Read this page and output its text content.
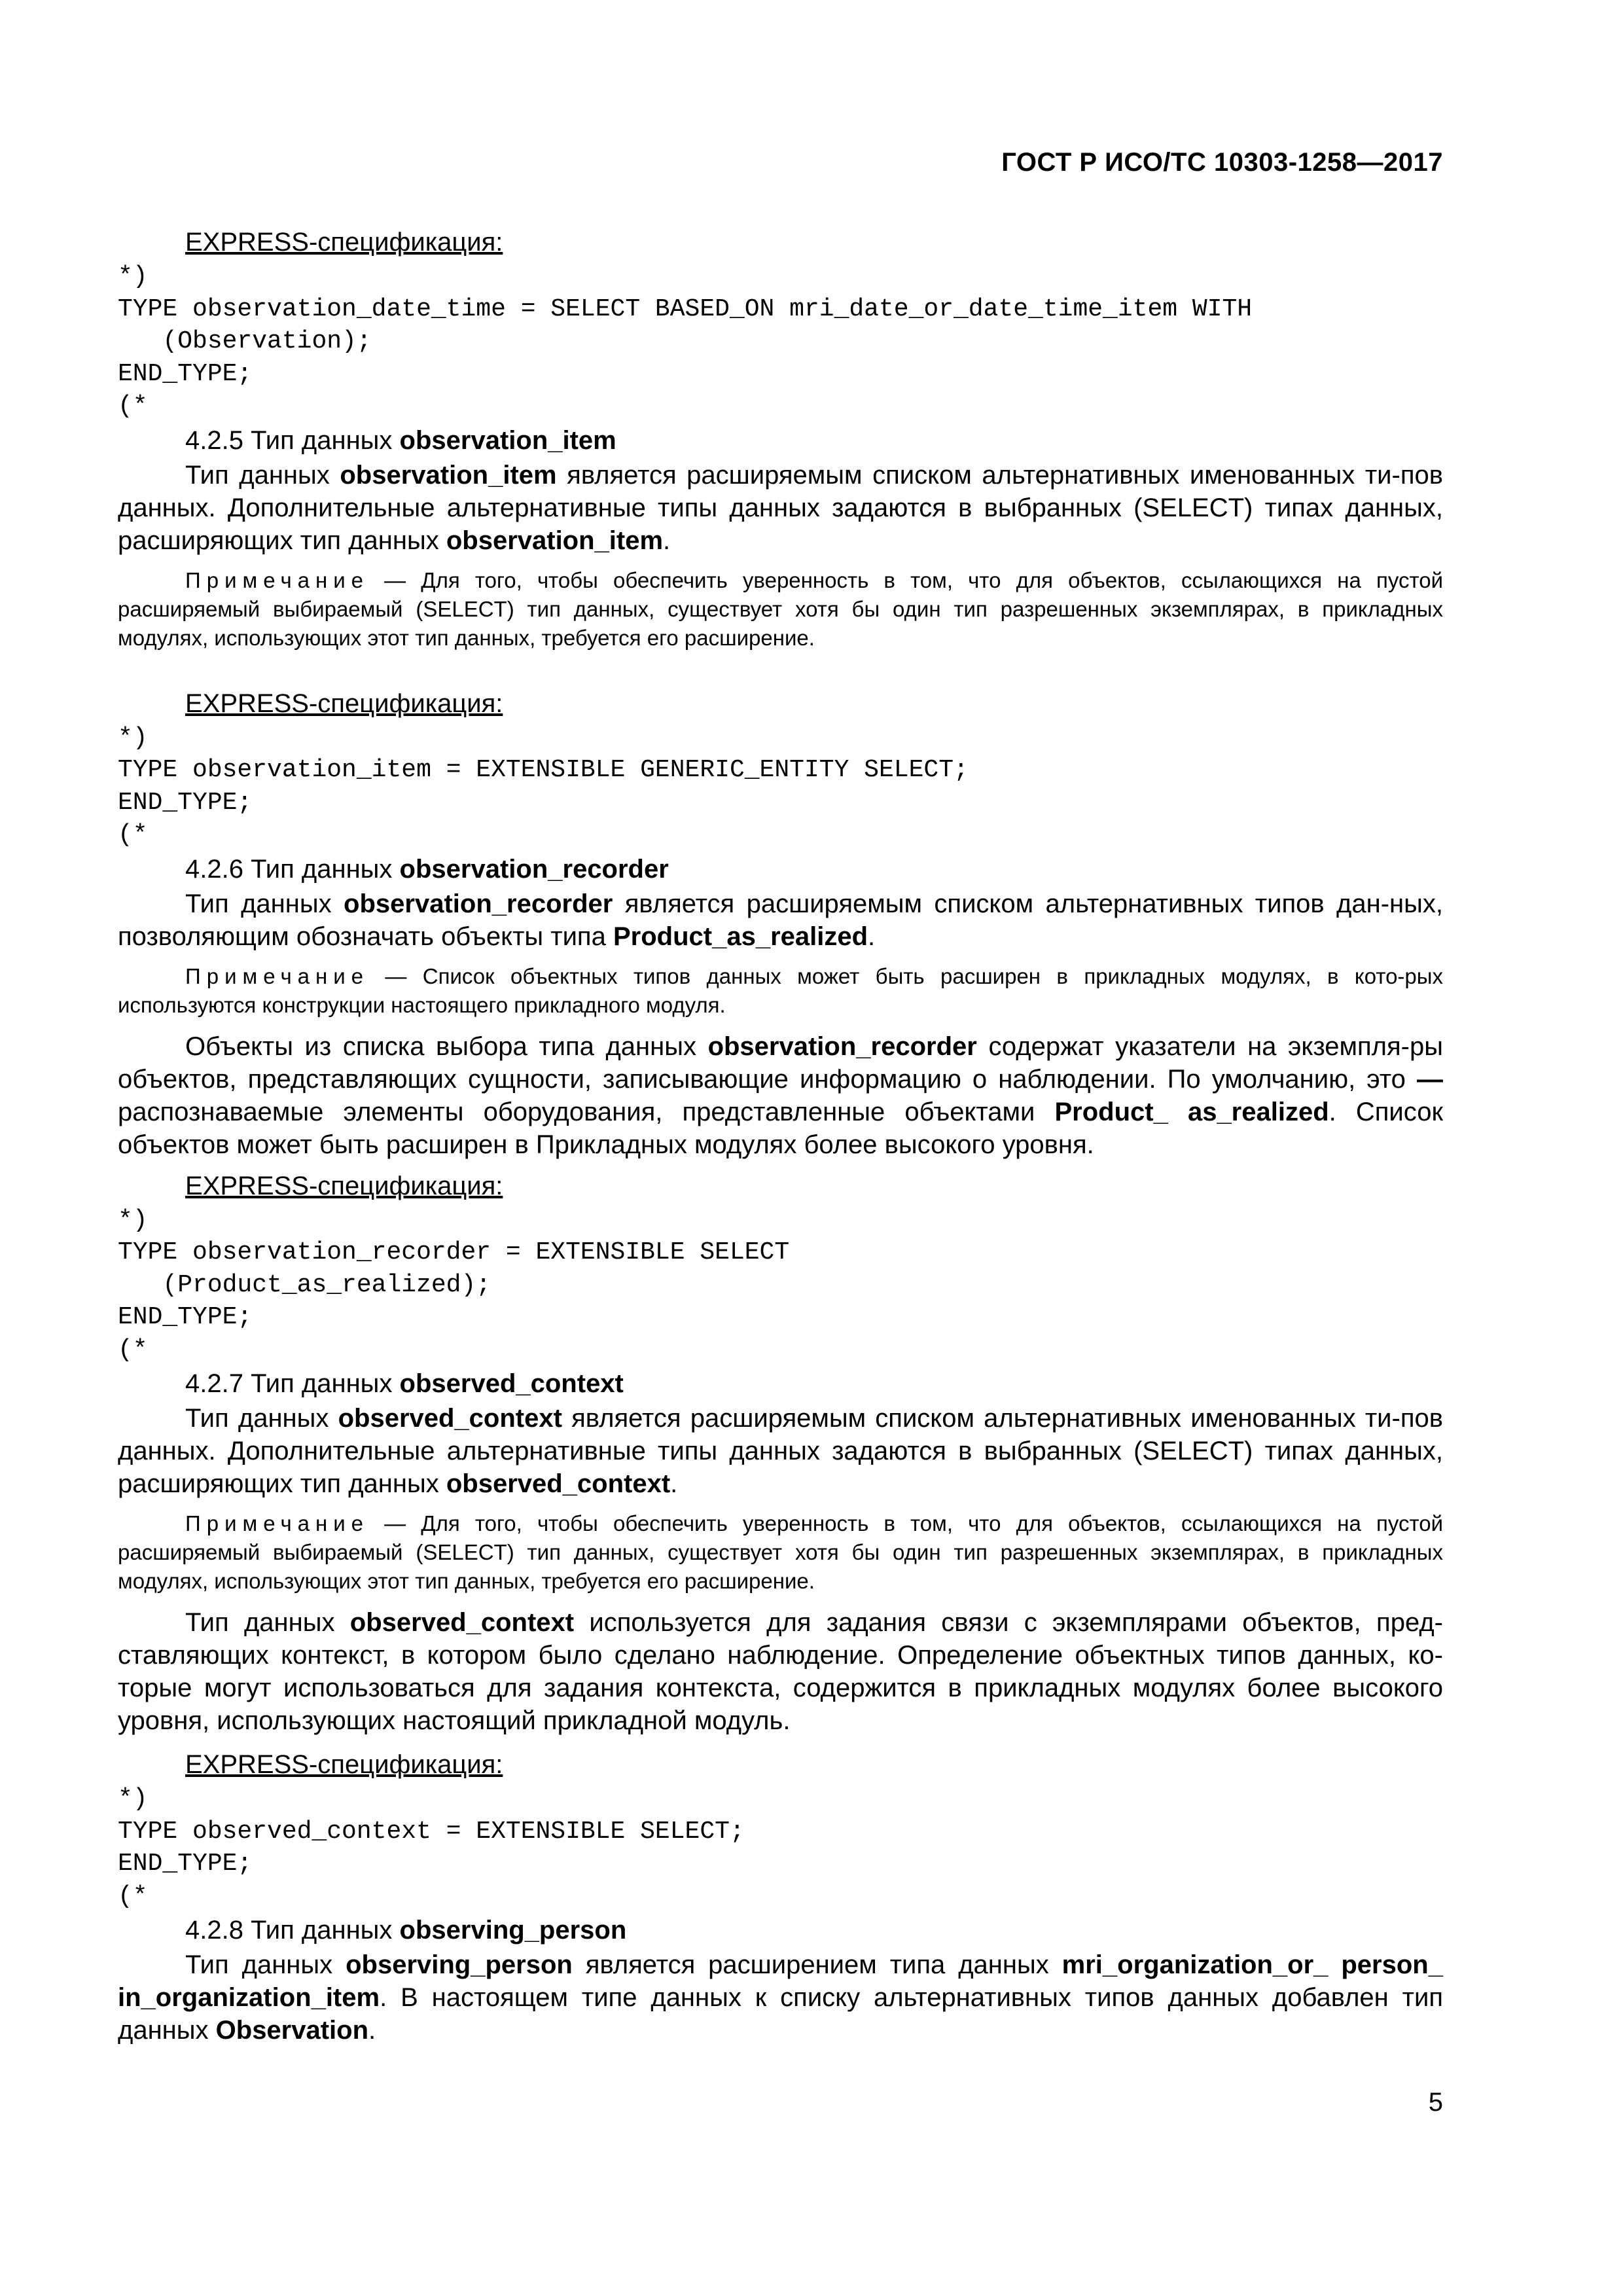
ГОСТ Р ИСО/ТС 10303-1258—2017
EXPRESS-спецификация:
*)
TYPE observation_date_time = SELECT BASED_ON mri_date_or_date_time_item WITH
(Observation);
END_TYPE;
(*

4.2.5 Тип данных observation_item

Тип данных observation_item является расширяемым списком альтернативных именованных ти-пов данных. Дополнительные альтернативные типы данных задаются в выбранных (SELECT) типах данных, расширяющих тип данных observation_item.

Примечание — Для того, чтобы обеспечить уверенность в том, что для объектов, ссылающихся на пустой расширяемый выбираемый (SELECT) тип данных, существует хотя бы один тип разрешенных экземплярах, в прикладных модулях, использующих этот тип данных, требуется его расширение.

EXPRESS-спецификация:
*)
TYPE observation_item = EXTENSIBLE GENERIC_ENTITY SELECT;
END_TYPE;
(*

4.2.6 Тип данных observation_recorder

Тип данных observation_recorder является расширяемым списком альтернативных типов дан-ных, позволяющим обозначать объекты типа Product_as_realized.

Примечание — Список объектных типов данных может быть расширен в прикладных модулях, в кото-рых используются конструкции настоящего прикладного модуля.

Объекты из списка выбора типа данных observation_recorder содержат указатели на экземпля-ры объектов, представляющих сущности, записывающие информацию о наблюдении. По умолчанию, это — распознаваемые элементы оборудования, представленные объектами Product_ as_realized. Список объектов может быть расширен в Прикладных модулях более высокого уровня.

EXPRESS-спецификация:
*)
TYPE observation_recorder = EXTENSIBLE SELECT
(Product_as_realized);
END_TYPE;
(*

4.2.7 Тип данных observed_context

Тип данных observed_context является расширяемым списком альтернативных именованных ти-пов данных. Дополнительные альтернативные типы данных задаются в выбранных (SELECT) типах данных, расширяющих тип данных observed_context.

Примечание — Для того, чтобы обеспечить уверенность в том, что для объектов, ссылающихся на пустой расширяемый выбираемый (SELECT) тип данных, существует хотя бы один тип разрешенных экземплярах, в прикладных модулях, использующих этот тип данных, требуется его расширение.

Тип данных observed_context используется для задания связи с экземплярами объектов, пред-ставляющих контекст, в котором было сделано наблюдение. Определение объектных типов данных, ко-торые могут использоваться для задания контекста, содержится в прикладных модулях более высокого уровня, использующих настоящий прикладной модуль.

EXPRESS-спецификация:
*)
TYPE observed_context = EXTENSIBLE SELECT;
END_TYPE;
(*

4.2.8 Тип данных observing_person

Тип данных observing_person является расширением типа данных mri_organization_or_ person_ in_organization_item. В настоящем типе данных к списку альтернативных типов данных добавлен тип данных Observation.

5
